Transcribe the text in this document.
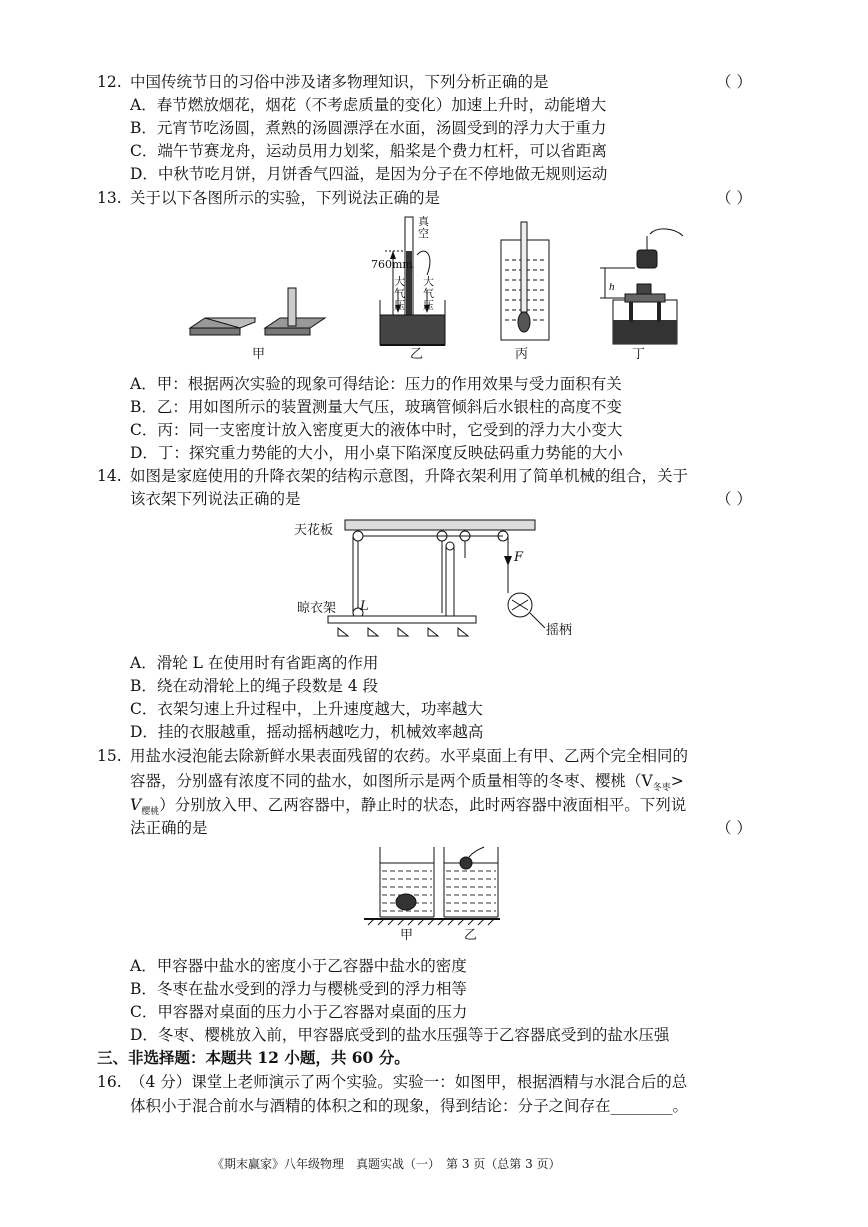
12. 中国传统节日的习俗中涉及诸多物理知识，下列分析正确的是	（ ）
A．春节燃放烟花，烟花（不考虑质量的变化）加速上升时，动能增大
B．元宵节吃汤圆，煮熟的汤圆漂浮在水面，汤圆受到的浮力大于重力
C．端午节赛龙舟，运动员用力划桨，船桨是个费力杠杆，可以省距离
D．中秋节吃月饼，月饼香气四溢，是因为分子在不停地做无规则运动
13. 关于以下各图所示的实验，下列说法正确的是	（ ）
甲
真空
760mm
大气压
大气压
乙	丙
h
丁
A．甲：根据两次实验的现象可得结论：压力的作用效果与受力面积有关
B．乙：用如图所示的装置测量大气压，玻璃管倾斜后水银柱的高度不变
C．丙：同一支密度计放入密度更大的液体中时，它受到的浮力大小变大
D．丁：探究重力势能的大小，用小桌下陷深度反映砝码重力势能的大小
14. 如图是家庭使用的升降衣架的结构示意图，升降衣架利用了简单机械的组合，关于
该衣架下列说法正确的是	（ ）
天花板
晾衣架 L
F
摇柄
A．滑轮 L 在使用时有省距离的作用
B．绕在动滑轮上的绳子段数是 4 段
C．衣架匀速上升过程中，上升速度越大，功率越大
D．挂的衣服越重，摇动摇柄越吃力，机械效率越高
15. 用盐水浸泡能去除新鲜水果表面残留的农药。水平桌面上有甲、乙两个完全相同的
容器，分别盛有浓度不同的盐水，如图所示是两个质量相等的冬枣、樱桃（$V_{冬枣}>$
$V_{樱桃}$）分别放入甲、乙两容器中，静止时的状态，此时两容器中液面相平。下列说
法正确的是	（ ）
甲	乙
A．甲容器中盐水的密度小于乙容器中盐水的密度
B．冬枣在盐水受到的浮力与樱桃受到的浮力相等
C．甲容器对桌面的压力小于乙容器对桌面的压力
D．冬枣、樱桃放入前，甲容器底受到的盐水压强等于乙容器底受到的盐水压强
三、非选择题：本题共 12 小题，共 60 分。
16. （4 分）课堂上老师演示了两个实验。实验一：如图甲，根据酒精与水混合后的总
体积小于混合前水与酒精的体积之和的现象，得到结论：分子之间存在________。
《期末赢家》八年级物理　真题实战（一）　第 3 页（总第 3 页）
